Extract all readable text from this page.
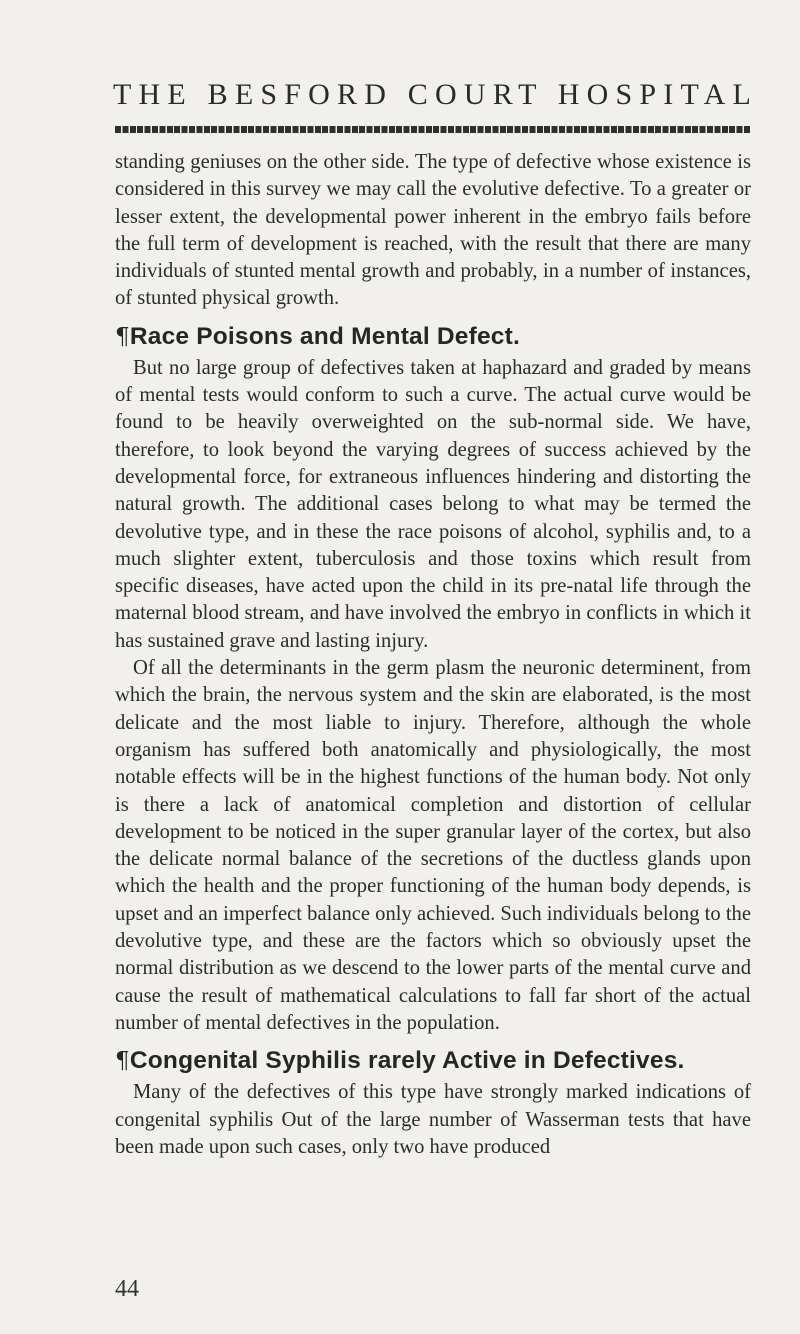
THE BESFORD COURT HOSPITAL

standing geniuses on the other side. The type of defective whose existence is considered in this survey we may call the evolutive defective. To a greater or lesser extent, the developmental power inherent in the embryo fails before the full term of development is reached, with the result that there are many individuals of stunted mental growth and probably, in a number of instances, of stunted physical growth.

¶Race Poisons and Mental Defect.

But no large group of defectives taken at haphazard and graded by means of mental tests would conform to such a curve. The actual curve would be found to be heavily overweighted on the sub-normal side. We have, therefore, to look beyond the varying degrees of success achieved by the developmental force, for extraneous influences hindering and distorting the natural growth. The additional cases belong to what may be termed the devolutive type, and in these the race poisons of alcohol, syphilis and, to a much slighter extent, tuberculosis and those toxins which result from specific diseases, have acted upon the child in its pre-natal life through the maternal blood stream, and have involved the embryo in conflicts in which it has sustained grave and lasting injury.

Of all the determinants in the germ plasm the neuronic determinent, from which the brain, the nervous system and the skin are elaborated, is the most delicate and the most liable to injury. Therefore, although the whole organism has suffered both anatomically and physiologically, the most notable effects will be in the highest functions of the human body. Not only is there a lack of anatomical completion and distortion of cellular development to be noticed in the super granular layer of the cortex, but also the delicate normal balance of the secretions of the ductless glands upon which the health and the proper functioning of the human body depends, is upset and an imperfect balance only achieved. Such individuals belong to the devolutive type, and these are the factors which so obviously upset the normal distribution as we descend to the lower parts of the mental curve and cause the result of mathematical calculations to fall far short of the actual number of mental defectives in the population.

¶Congenital Syphilis rarely Active in Defectives.

Many of the defectives of this type have strongly marked indications of congenital syphilis Out of the large number of Wasserman tests that have been made upon such cases, only two have produced

44
